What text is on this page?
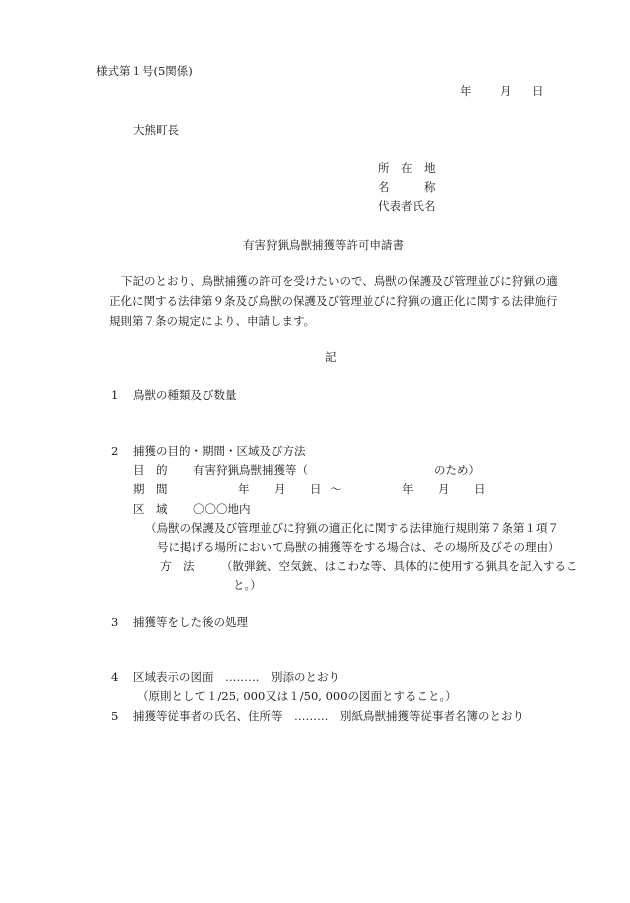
様式第１号(5関係)
年 月 日
大熊町長
所　在　地
名　　　称
代表者氏名
有害狩猟鳥獣捕獲等許可申請書
下記のとおり、鳥獣捕獲の許可を受けたいので、鳥獣の保護及び管理並びに狩猟の適
正化に関する法律第９条及び鳥獣の保護及び管理並びに狩猟の適正化に関する法律施行
規則第７条の規定により、申請します。
記
1 鳥獣の種類及び数量
2 捕獲の目的・期間・区域及び方法
目　的 有害狩猟鳥獣捕獲等（	のため）
期　間	年 月 日 〜	年 月 日
区　域 〇〇〇地内
（鳥獣の保護及び管理並びに狩猟の適正化に関する法律施行規則第７条第１項７
号に掲げる場所において鳥獣の捕獲等をする場合は、その場所及びその理由）
方　法 （散弾銃、空気銃、はこわな等、具体的に使用する猟具を記入するこ
と。）
3 捕獲等をした後の処理
4 区域表示の図面　………　別添のとおり
（原則として１/25, 000又は１/50, 000の図面とすること。）
5 捕獲等従事者の氏名、住所等　………　別紙鳥獣捕獲等従事者名簿のとおり
